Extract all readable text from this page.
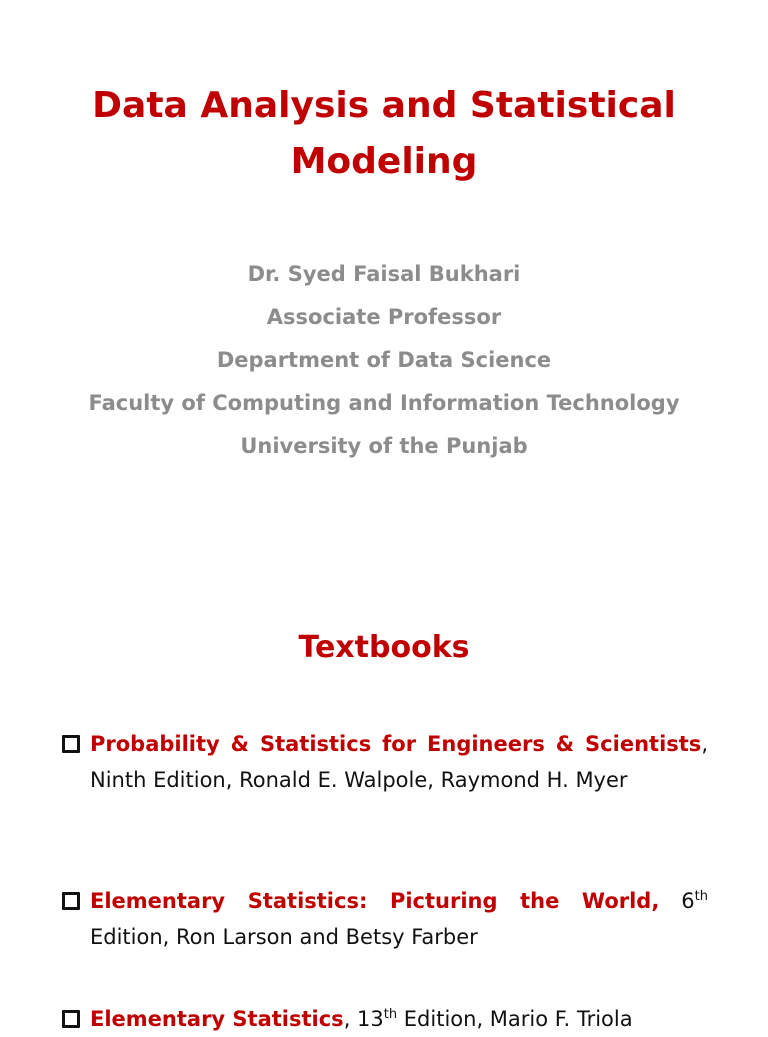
Data Analysis and Statistical
Modeling
Dr. Syed Faisal Bukhari
Associate Professor
Department of Data Science
Faculty of Computing and Information Technology
University of the Punjab
Textbooks
Probability & Statistics for Engineers & Scientists, Ninth Edition, Ronald E. Walpole, Raymond H. Myer
Elementary Statistics: Picturing the World, 6th Edition, Ron Larson and Betsy Farber
Elementary Statistics, 13th Edition, Mario F. Triola
